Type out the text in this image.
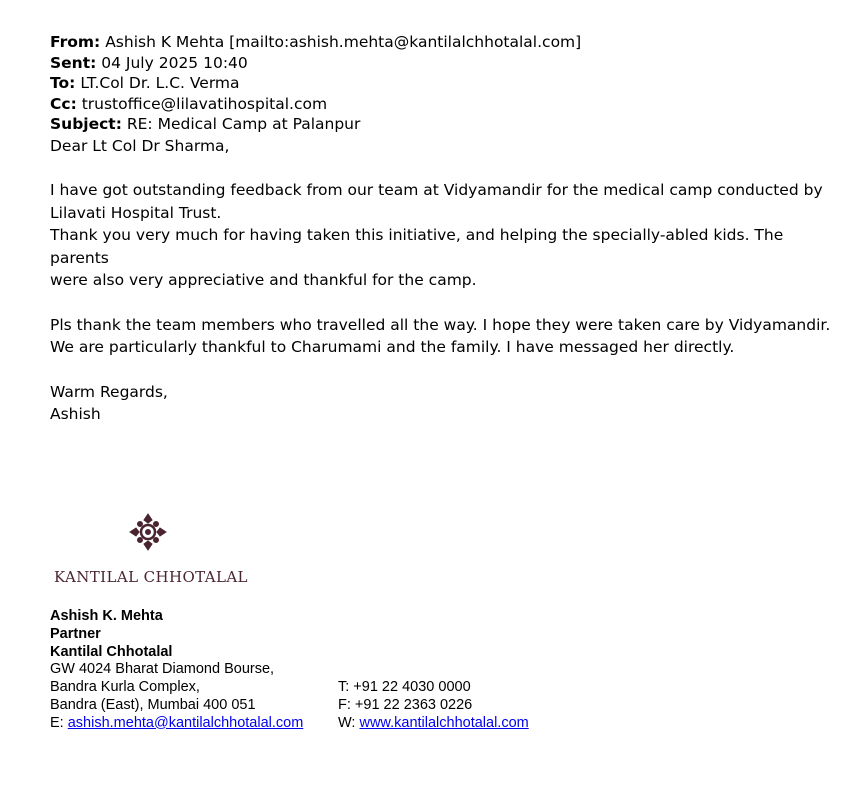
From: Ashish K Mehta [mailto:ashish.mehta@kantilalchhotalal.com]
Sent: 04 July 2025 10:40
To: LT.Col Dr. L.C. Verma
Cc: trustoffice@lilavatihospital.com
Subject: RE: Medical Camp at Palanpur

Dear Lt Col Dr Sharma,

I have got outstanding feedback from our team at Vidyamandir for the medical camp conducted by

Lilavati Hospital Trust.

Thank you very much for having taken this initiative, and helping the specially-abled kids. The parents

were also very appreciative and thankful for the camp.

Pls thank the team members who travelled all the way. I hope they were taken care by Vidyamandir.

We are particularly thankful to Charumami and the family. I have messaged her directly.

Warm Regards,

Ashish

KANTILAL CHHOTALAL
Ashish K. Mehta
Partner
Kantilal Chhotalal
GW 4024 Bharat Diamond Bourse,
Bandra Kurla Complex,	T: +91 22 4030 0000
Bandra (East), Mumbai 400 051	F: +91 22 2363 0226
E: ashish.mehta@kantilalchhotalal.com W: www.kantilalchhotalal.com
